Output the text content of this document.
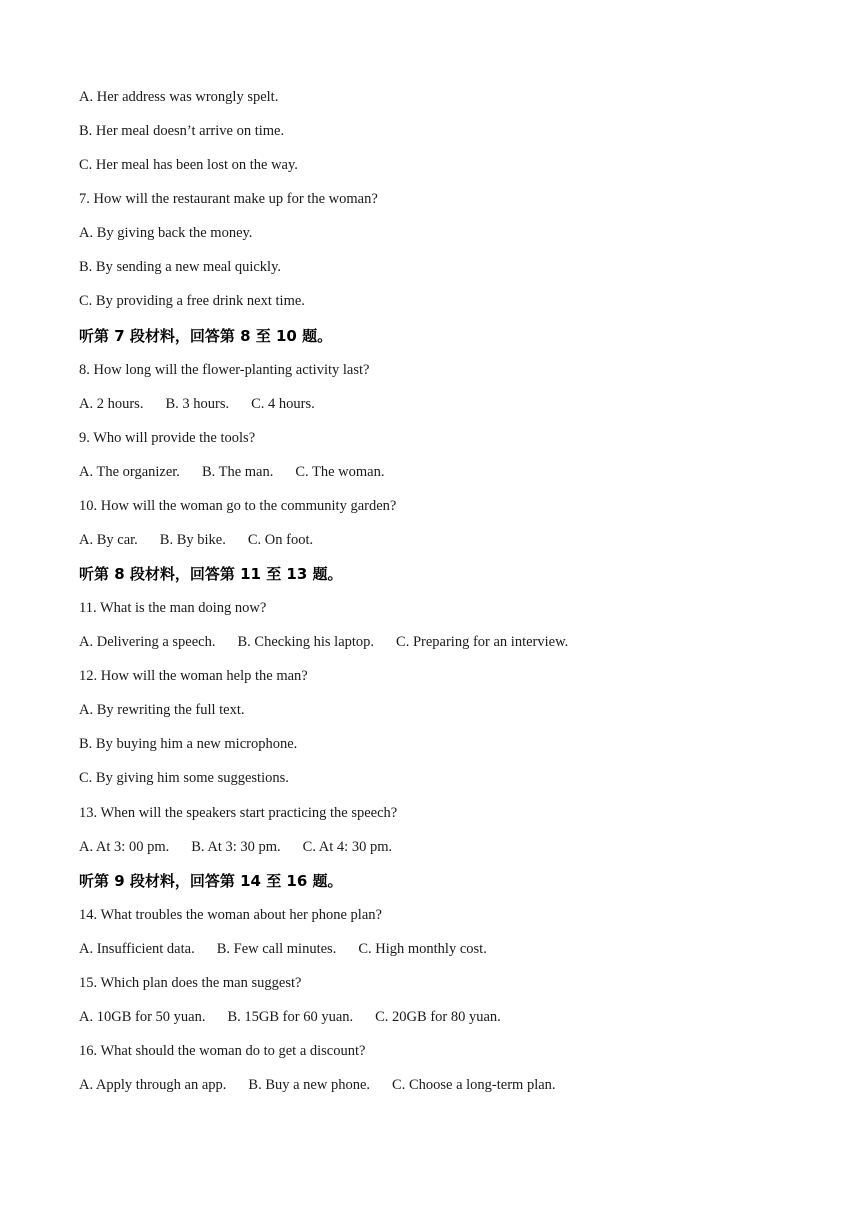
A. Her address was wrongly spelt.

B. Her meal doesn’t arrive on time.

C. Her meal has been lost on the way.

7. How will the restaurant make up for the woman?

A. By giving back the money.

B. By sending a new meal quickly.

C. By providing a free drink next time.

听第 7 段材料，回答第 8 至 10 题。

8. How long will the flower-planting activity last?

A. 2 hours. B. 3 hours. C. 4 hours.

9. Who will provide the tools?

A. The organizer. B. The man. C. The woman.

10. How will the woman go to the community garden?

A. By car. B. By bike. C. On foot.

听第 8 段材料，回答第 11 至 13 题。

11. What is the man doing now?

A. Delivering a speech. B. Checking his laptop. C. Preparing for an interview.

12. How will the woman help the man?

A. By rewriting the full text.

B. By buying him a new microphone.

C. By giving him some suggestions.

13. When will the speakers start practicing the speech?

A. At 3: 00 pm. B. At 3: 30 pm. C. At 4: 30 pm.

听第 9 段材料，回答第 14 至 16 题。

14. What troubles the woman about her phone plan?

A. Insufficient data. B. Few call minutes. C. High monthly cost.

15. Which plan does the man suggest?

A. 10GB for 50 yuan. B. 15GB for 60 yuan. C. 20GB for 80 yuan.

16. What should the woman do to get a discount?

A. Apply through an app. B. Buy a new phone. C. Choose a long-term plan.
